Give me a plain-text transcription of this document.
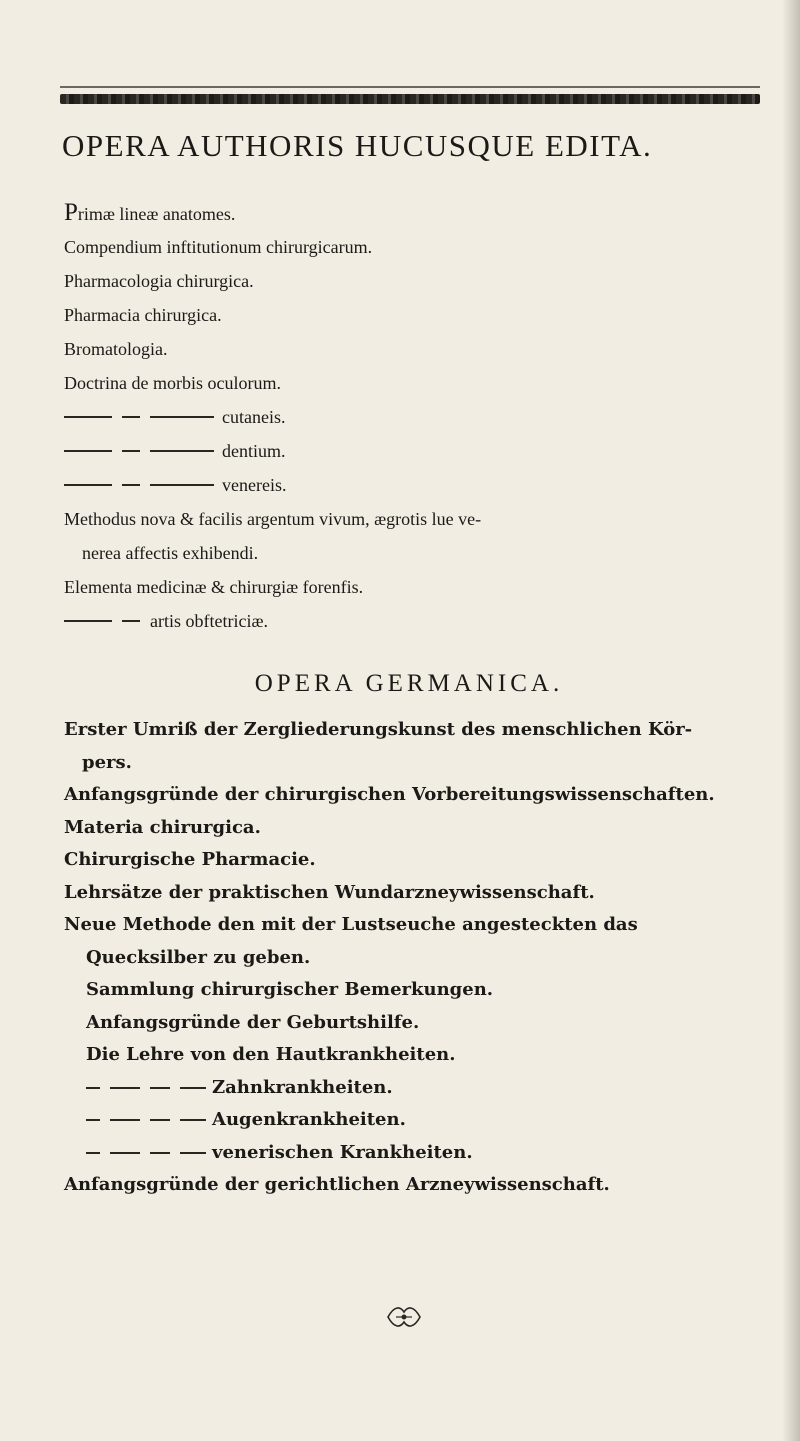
OPERA AUTHORIS HUCUSQUE EDITA.
Primæ lineæ anatomes.
Compendium inftitutionum chirurgicarum.
Pharmacologia chirurgica.
Pharmacia chirurgica.
Bromatologia.
Doctrina de morbis oculorum.
cutaneis.
dentium.
venereis.
Methodus nova & facilis argentum vivum, ægrotis lue ve-
nerea affectis exhibendi.
Elementa medicinæ & chirurgiæ forenfis.
artis obftetriciæ.
OPERA GERMANICA.
Erster Umriß der Zergliederungskunst des menschlichen Kör-
pers.
Anfangsgründe der chirurgischen Vorbereitungswissenschaften.
Materia chirurgica.
Chirurgische Pharmacie.
Lehrsätze der praktischen Wundarzneywissenschaft.
Neue Methode den mit der Lustseuche angesteckten das
Quecksilber zu geben.
Sammlung chirurgischer Bemerkungen.
Anfangsgründe der Geburtshilfe.
Die Lehre von den Hautkrankheiten.
Zahnkrankheiten.
Augenkrankheiten.
venerischen Krankheiten.
Anfangsgründe der gerichtlichen Arzneywissenschaft.
